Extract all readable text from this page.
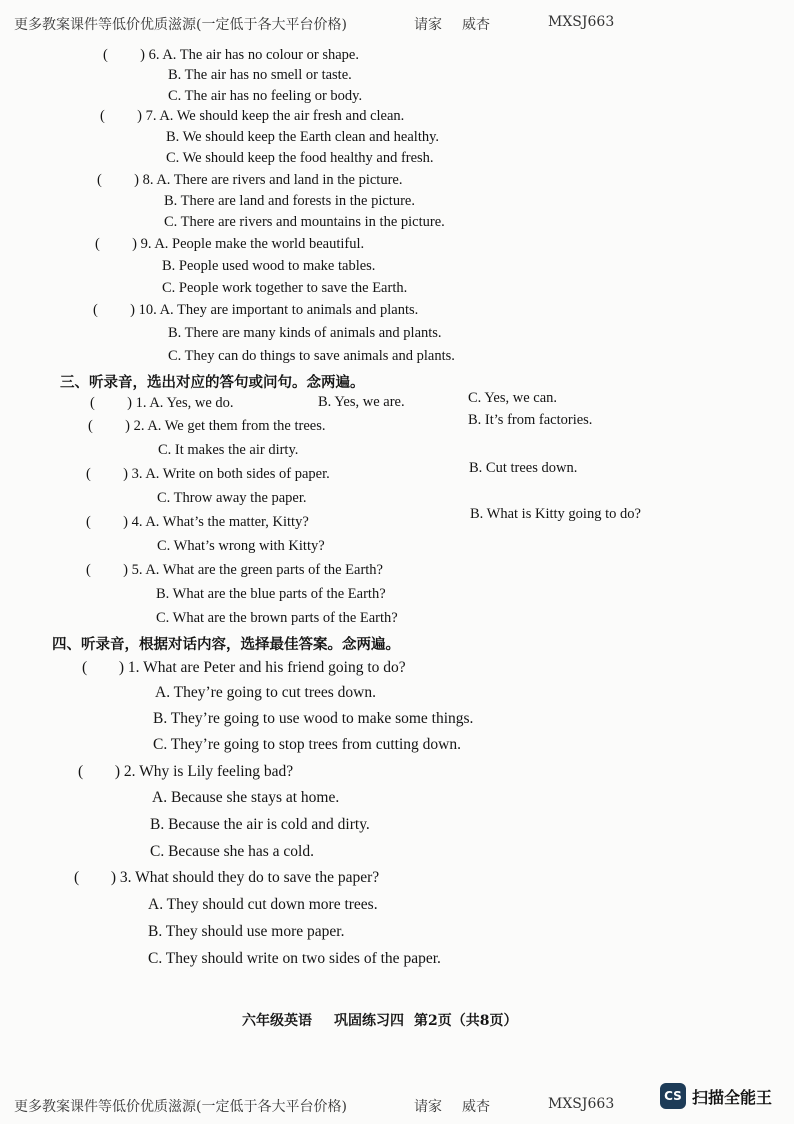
更多教案课件等低价优质滋源(一定低于各大平台价格)	请家 威杏	MXSJ663
( ) 6. A. The air has no colour or shape.
B. The air has no smell or taste.
C. The air has no feeling or body.
( ) 7. A. We should keep the air fresh and clean.
B. We should keep the Earth clean and healthy.
C. We should keep the food healthy and fresh.
( ) 8. A. There are rivers and land in the picture.
B. There are land and forests in the picture.
C. There are rivers and mountains in the picture.
( ) 9. A. People make the world beautiful.
B. People used wood to make tables.
C. People work together to save the Earth.
( ) 10. A. They are important to animals and plants.
B. There are many kinds of animals and plants.
C. They can do things to save animals and plants.
三、听录音，选出对应的答句或问句。念两遍。
( ) 1. A. Yes, we do.	B. Yes, we are.	C. Yes, we can.
( ) 2. A. We get them from the trees.	B. It’s from factories.
C. It makes the air dirty.
( ) 3. A. Write on both sides of paper.	B. Cut trees down.
C. Throw away the paper.
( ) 4. A. What’s the matter, Kitty?	B. What is Kitty going to do?
C. What’s wrong with Kitty?
( ) 5. A. What are the green parts of the Earth?
B. What are the blue parts of the Earth?
C. What are the brown parts of the Earth?
四、听录音，根据对话内容，选择最佳答案。念两遍。
( ) 1. What are Peter and his friend going to do?
A. They’re going to cut trees down.
B. They’re going to use wood to make some things.
C. They’re going to stop trees from cutting down.
( ) 2. Why is Lily feeling bad?
A. Because she stays at home.
B. Because the air is cold and dirty.
C. Because she has a cold.
( ) 3. What should they do to save the paper?
A. They should cut down more trees.
B. They should use more paper.
C. They should write on two sides of the paper.
六年级英语 巩固练习四 第2页（共8页）
更多教案课件等低价优质滋源(一定低于各大平台价格)	请家 威杏	MXSJ663	CS 扫描全能王
